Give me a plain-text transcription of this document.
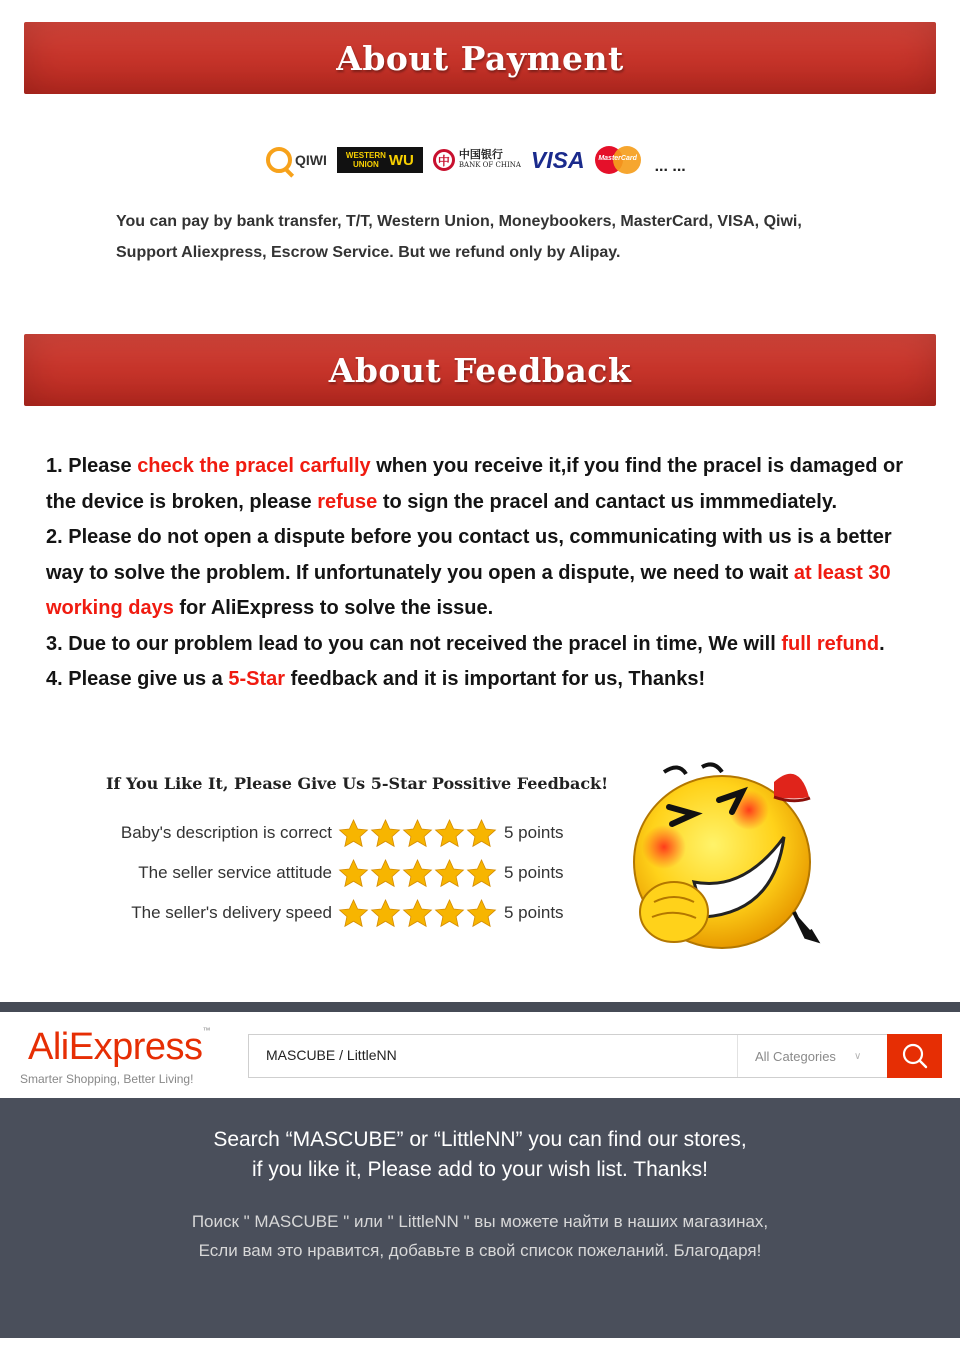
About Payment
QIWI WESTERN
UNION WU	中 中国银行
BANK OF CHINA VISA	MasterCard ... ...
You can pay by bank transfer, T/T, Western Union, Moneybookers, MasterCard, VISA, Qiwi,
Support Aliexpress, Escrow Service. But we refund only by Alipay.
About Feedback

1. Please check the pracel carfully when you receive it,if you find the pracel is damaged or the device is broken, please refuse to sign the pracel and cantact us immmediately.

2. Please do not open a dispute before you contact us, communicating with us is a better way to solve the problem. If unfortunately you open a dispute, we need to wait at least 30 working days for AliExpress to solve the issue.

3. Due to our problem lead to you can not received the pracel in time, We will full refund.

4. Please give us a 5-Star feedback and it is important for us, Thanks!

If You Like It, Please Give Us 5-Star Possitive Feedback!
Baby's description is correct	5 points
The seller service attitude	5 points
The seller's delivery speed	5 points
AliExpress™
Smarter Shopping, Better Living!
MASCUBE / LittleNN	All Categories ∨
Search “MASCUBE” or “LittleNN” you can find our stores,
if you like it, Please add to your wish list. Thanks!
Поиск " MASCUBE " или " LittleNN " вы можете найти в наших магазинах,
Если вам это нравится, добавьте в свой список пожеланий. Благодаря!
